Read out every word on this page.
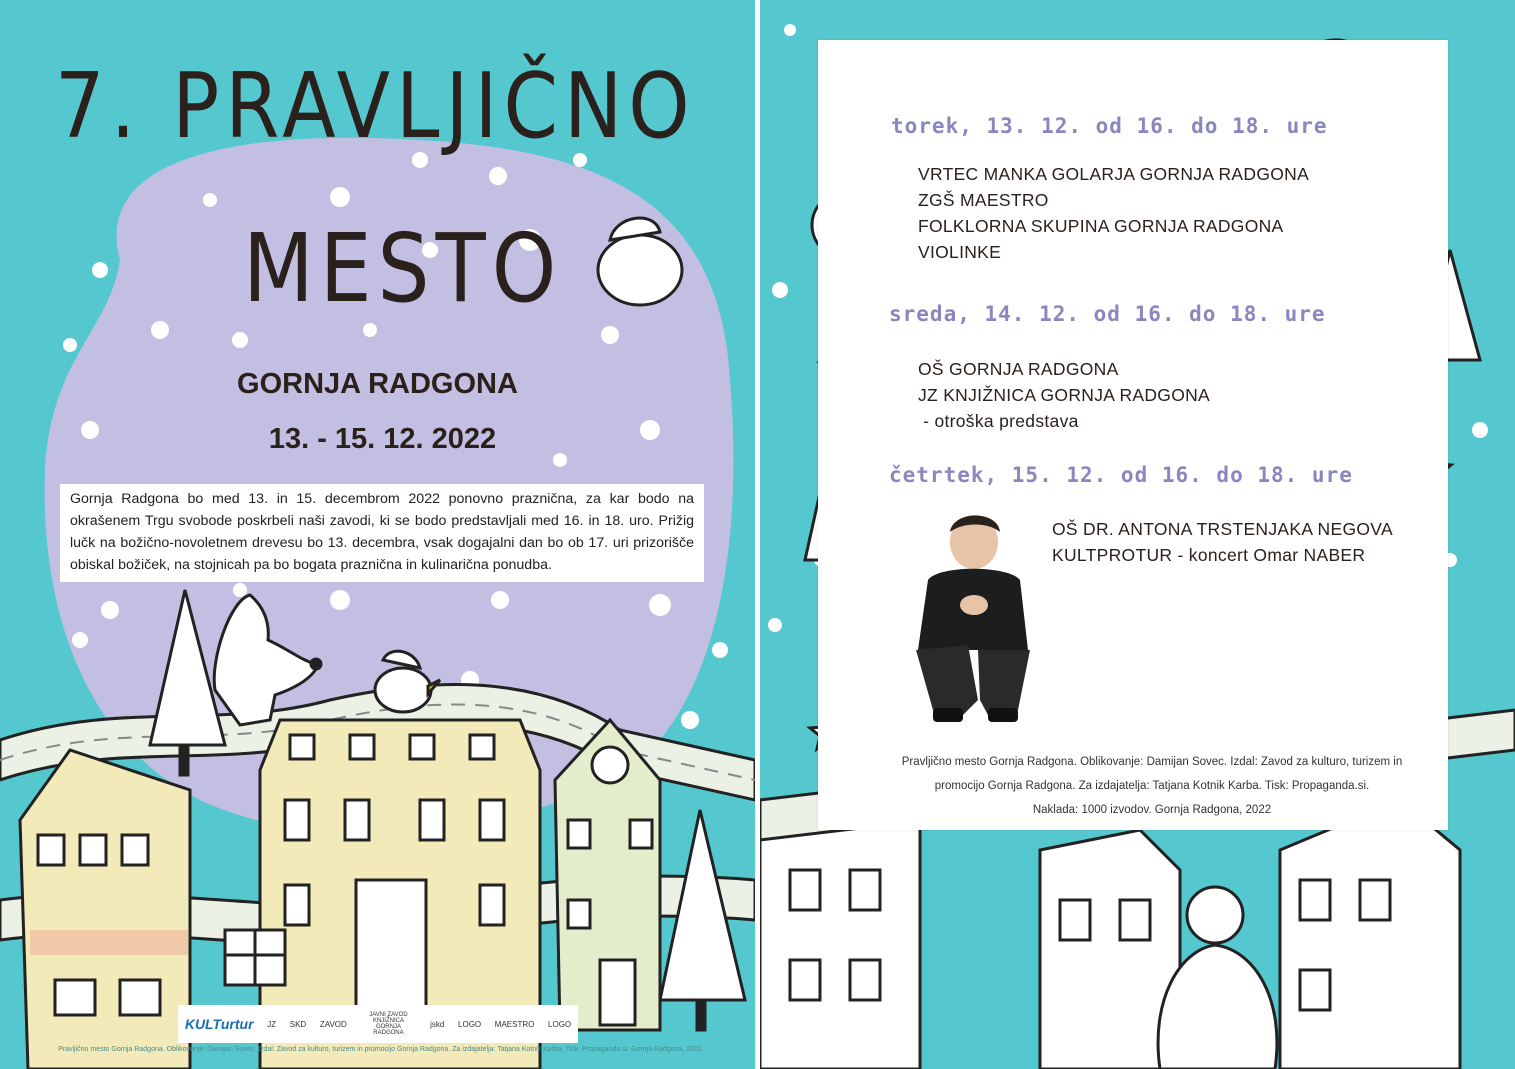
7. PRAVLJIČNO
MESTO
GORNJA RADGONA
13. - 15. 12. 2022
Gornja Radgona bo med 13. in 15. decembrom 2022 ponovno praznična, za kar bodo na okrašenem Trgu svobode poskrbeli naši zavodi, ki se bodo predstavljali med 16. in 18. uro. Prižig lučk na božično-novoletnem drevesu bo 13. decembra, vsak dogajalni dan bo ob 17. uri prizorišče obiskal božiček, na stojnicah pa bo bogata praznična in kulinarična ponudba.
KULTurtur JZ SKD ZAVOD
JAVNI ZAVOD KNJIŽNICA GORNJA RADGONA
jskd LOGO MAESTRO LOGO
Pravljično mesto Gornja Radgona. Oblikovanje: Damijan Sovec. Izdal: Zavod za kulturo, turizem in promocijo Gornja Radgona. Za izdajatelja: Tatjana Kotnik Karba. Tisk: Propaganda.si. Gornja Radgona, 2022
torek, 13. 12. od 16. do 18. ure
VRTEC MANKA GOLARJA GORNJA RADGONA
ZGŠ MAESTRO
FOLKLORNA SKUPINA GORNJA RADGONA
VIOLINKE
sreda, 14. 12. od 16. do 18. ure
OŠ GORNJA RADGONA
JZ KNJIŽNICA GORNJA RADGONA
- otroška predstava
četrtek, 15. 12. od 16. do 18. ure
OŠ DR. ANTONA TRSTENJAKA NEGOVA
KULTPROTUR - koncert Omar NABER
Pravljično mesto Gornja Radgona. Oblikovanje: Damijan Sovec. Izdal: Zavod za kulturo, turizem in
promocijo Gornja Radgona. Za izdajatelja: Tatjana Kotnik Karba. Tisk: Propaganda.si.
Naklada: 1000 izvodov. Gornja Radgona, 2022
